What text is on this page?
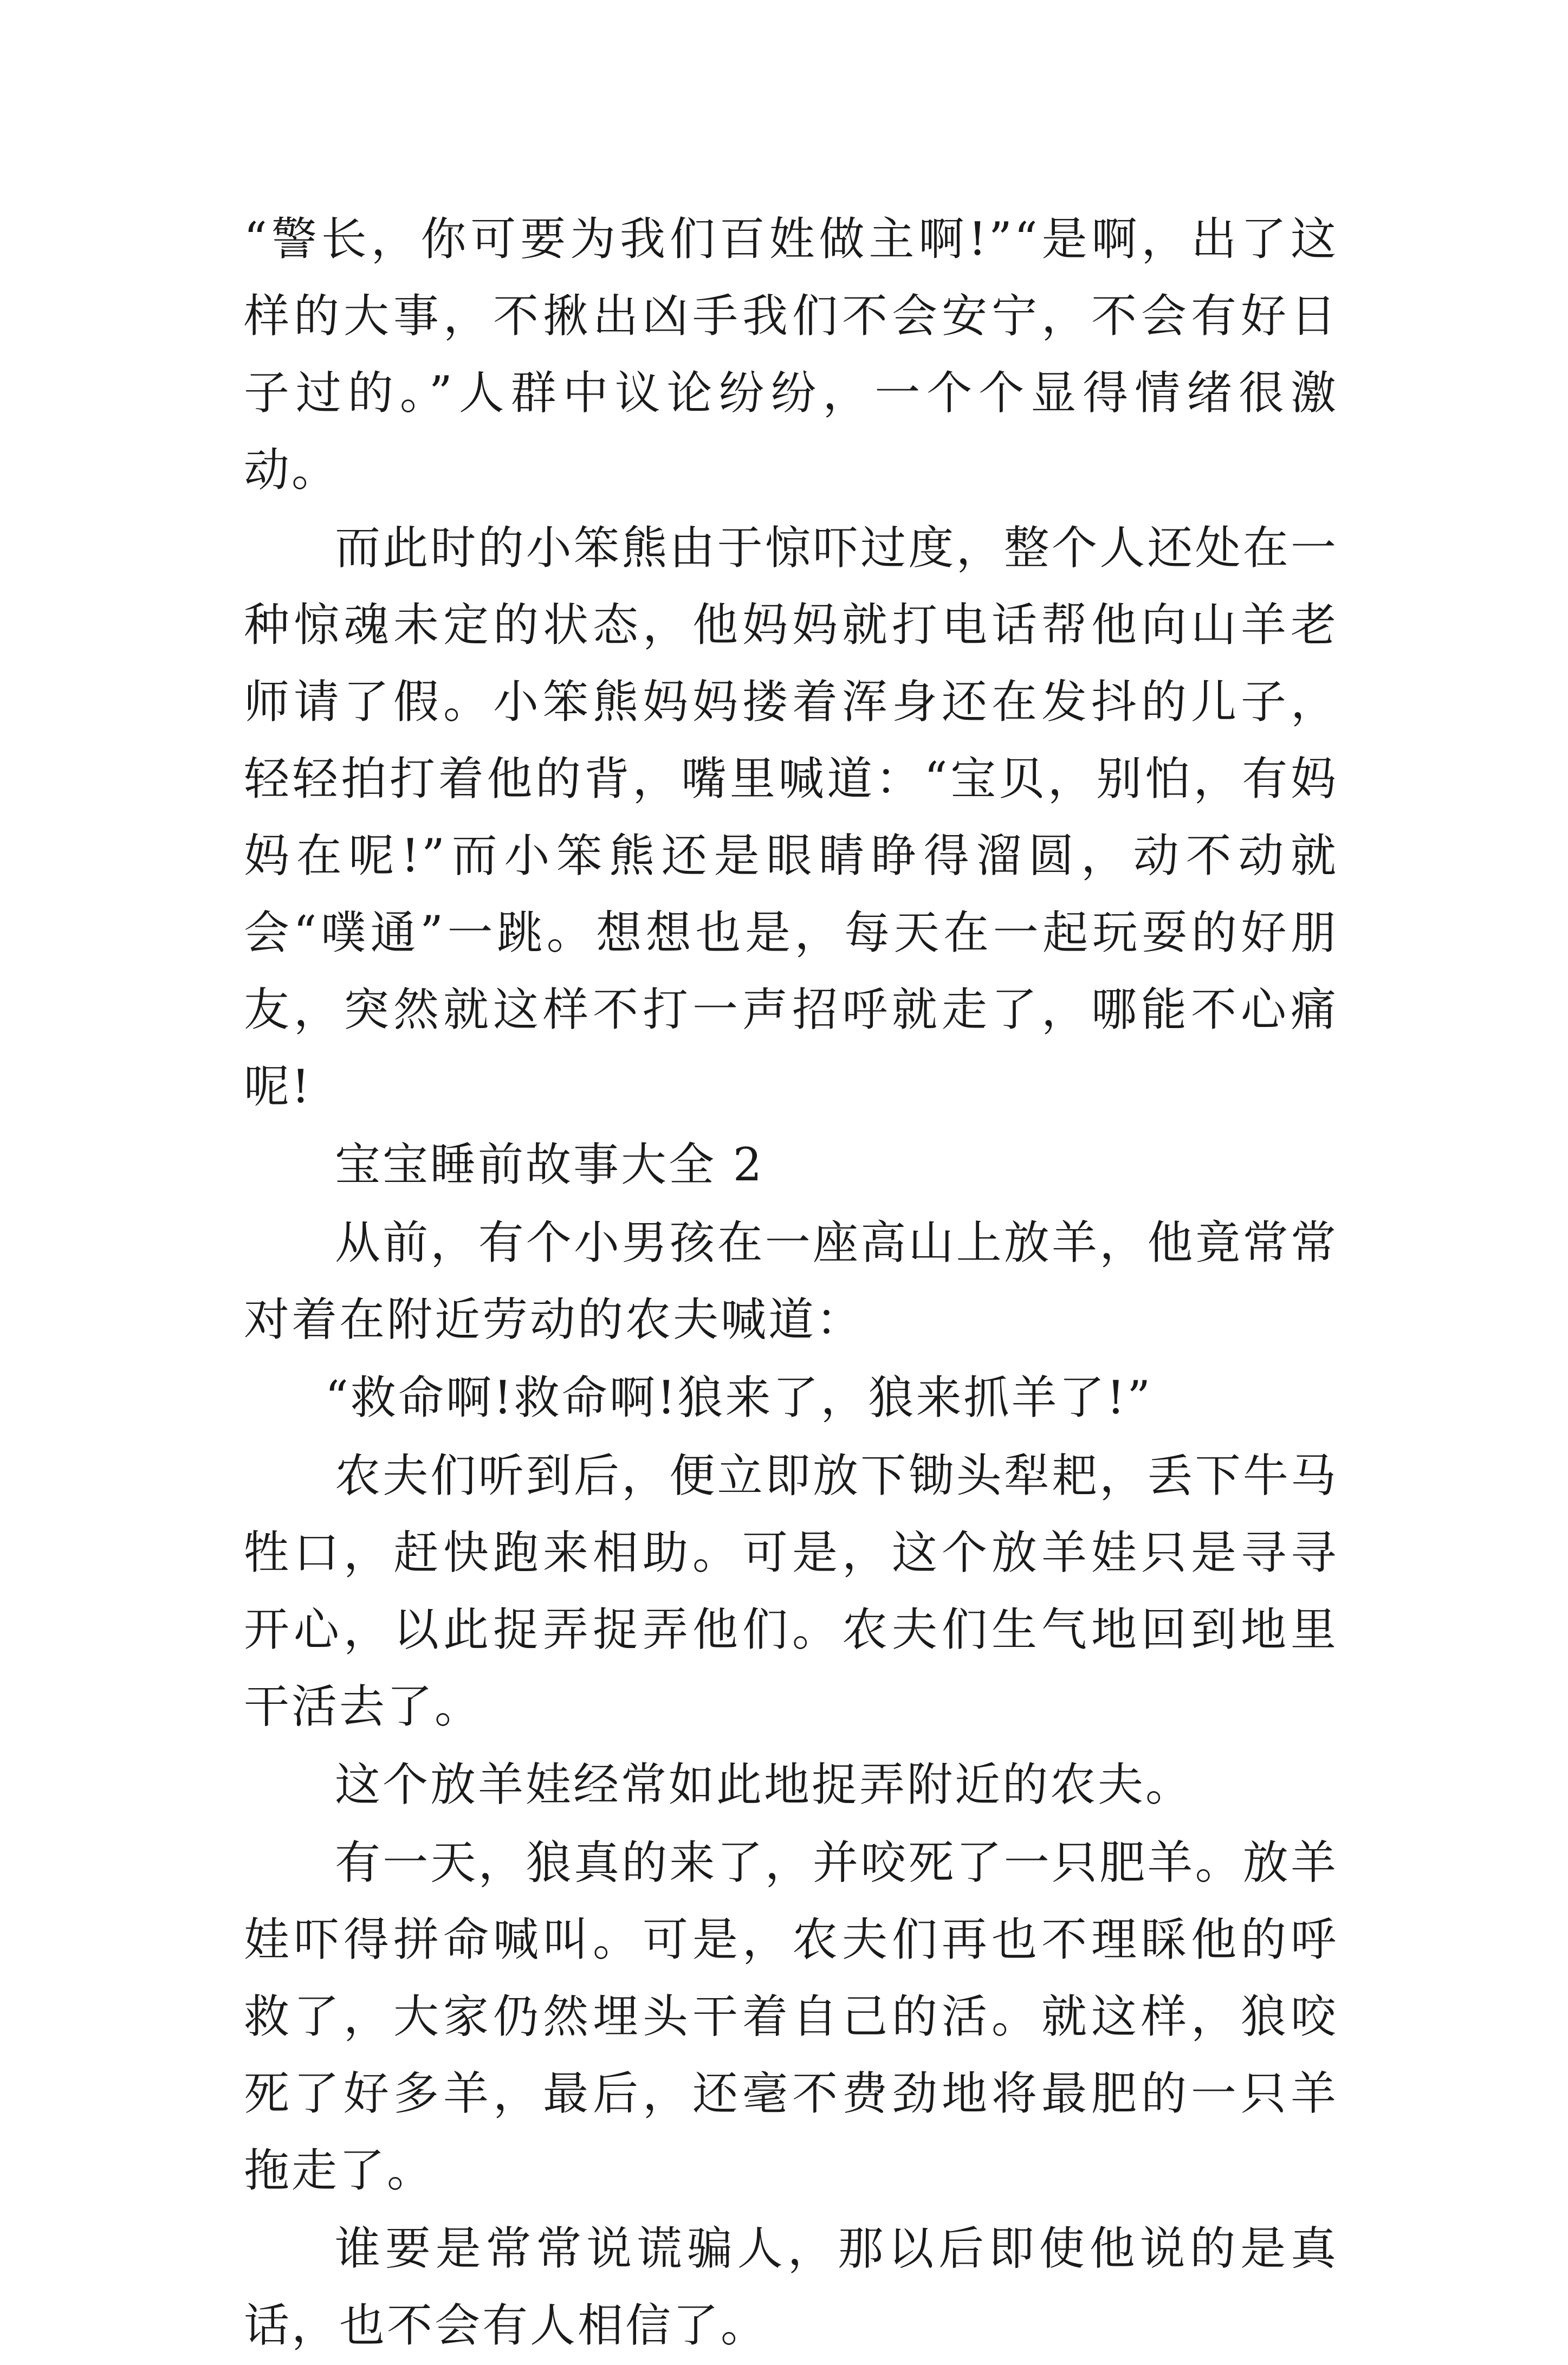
“警长，你可要为我们百姓做主啊!”“是啊，出了这样的大事，不揪出凶手我们不会安宁，不会有好日子过的。”人群中议论纷纷，一个个显得情绪很激动。

而此时的小笨熊由于惊吓过度，整个人还处在一种惊魂未定的状态，他妈妈就打电话帮他向山羊老师请了假。小笨熊妈妈搂着浑身还在发抖的儿子，轻轻拍打着他的背，嘴里喊道：“宝贝，别怕，有妈妈在呢!”而小笨熊还是眼睛睁得溜圆，动不动就会“噗通”一跳。想想也是，每天在一起玩耍的好朋友，突然就这样不打一声招呼就走了，哪能不心痛呢!

宝宝睡前故事大全 2

从前，有个小男孩在一座高山上放羊，他竟常常对着在附近劳动的农夫喊道：

“救命啊!救命啊!狼来了，狼来抓羊了!”

农夫们听到后，便立即放下锄头犁耙，丢下牛马牲口，赶快跑来相助。可是，这个放羊娃只是寻寻开心，以此捉弄捉弄他们。农夫们生气地回到地里干活去了。

这个放羊娃经常如此地捉弄附近的农夫。

有一天，狼真的来了，并咬死了一只肥羊。放羊娃吓得拼命喊叫。可是，农夫们再也不理睬他的呼救了，大家仍然埋头干着自己的活。就这样，狼咬死了好多羊，最后，还毫不费劲地将最肥的一只羊拖走了。

谁要是常常说谎骗人，那以后即使他说的是真话，也不会有人相信了。
